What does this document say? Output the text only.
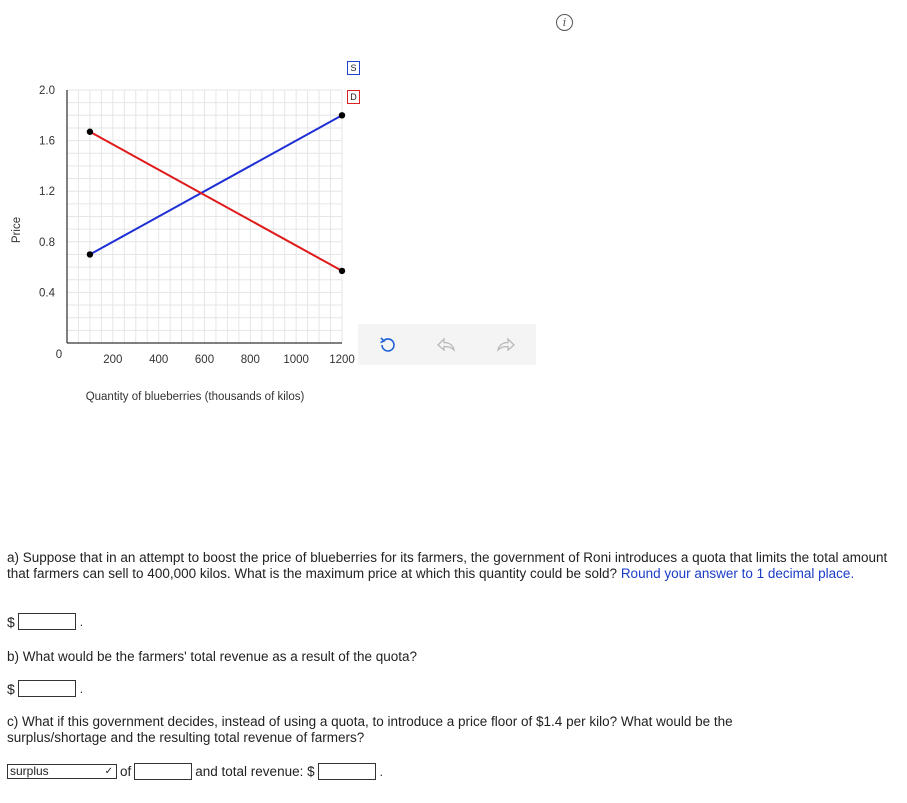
i
200 400 600 800 1000 1200
2.0
1.6
1.2
0.8
0.4
0
Price
Quantity of blueberries (thousands of kilos)
S
D
a) Suppose that in an attempt to boost the price of blueberries for its farmers, the government of Roni introduces a quota that limits the total amount that farmers can sell to 400,000 kilos. What is the maximum price at which this quantity could be sold? Round your answer to 1 decimal place.
$	.
b) What would be the farmers' total revenue as a result of the quota?
$	.
c) What if this government decides, instead of using a quota, to introduce a price floor of $1.4 per kilo? What would be the surplus/shortage and the resulting total revenue of farmers?
surplus	✓ of	and total revenue: $	.
